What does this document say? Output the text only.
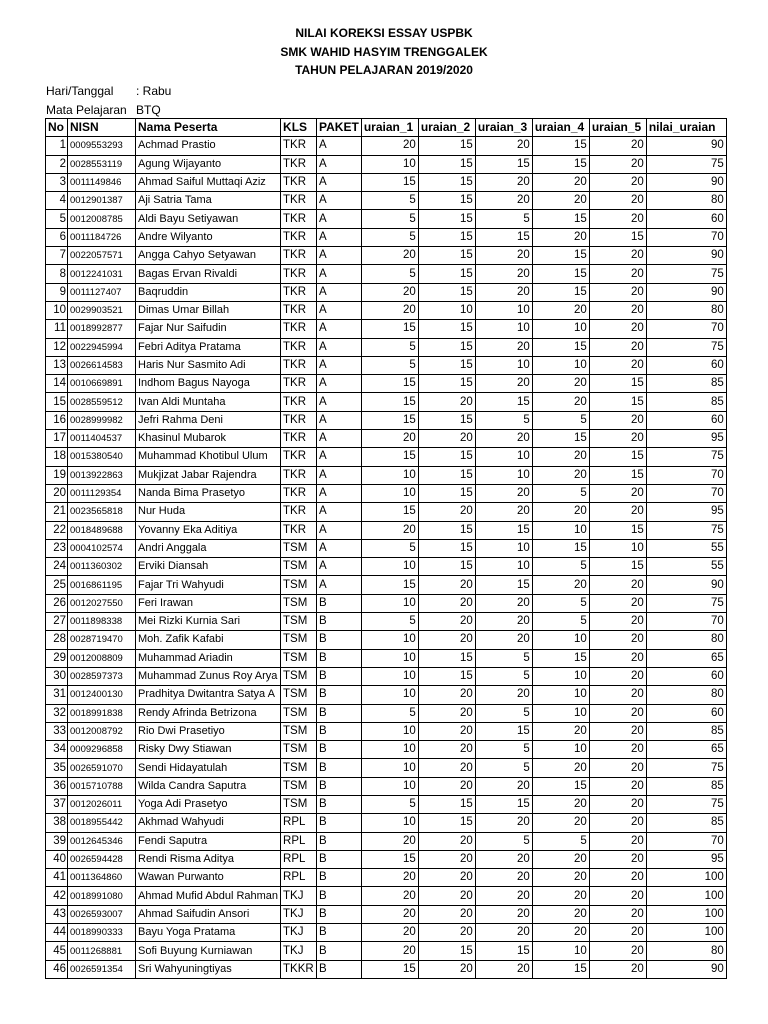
NILAI KOREKSI ESSAY USPBK
SMK WAHID HASYIM TRENGGALEK
TAHUN PELAJARAN 2019/2020
Hari/Tanggal	: Rabu
Mata Pelajaran BTQ
No	NISN	Nama Peserta	KLS	PAKET	uraian_1	uraian_2	uraian_3	uraian_4	uraian_5	nilai_uraian
1	0009553293	Achmad Prastio	TKR	A	20	15	20	15	20	90
2	0028553119	Agung Wijayanto	TKR	A	10	15	15	15	20	75
3	0011149846	Ahmad Saiful Muttaqi Aziz	TKR	A	15	15	20	20	20	90
4	0012901387	Aji Satria Tama	TKR	A	5	15	20	20	20	80
5	0012008785	Aldi Bayu Setiyawan	TKR	A	5	15	5	15	20	60
6	0011184726	Andre Wilyanto	TKR	A	5	15	15	20	15	70
7	0022057571	Angga Cahyo Setyawan	TKR	A	20	15	20	15	20	90
8	0012241031	Bagas Ervan Rivaldi	TKR	A	5	15	20	15	20	75
9	0011127407	Baqruddin	TKR	A	20	15	20	15	20	90
10	0029903521	Dimas Umar Billah	TKR	A	20	10	10	20	20	80
11	0018992877	Fajar Nur Saifudin	TKR	A	15	15	10	10	20	70
12	0022945994	Febri Aditya Pratama	TKR	A	5	15	20	15	20	75
13	0026614583	Haris Nur Sasmito Adi	TKR	A	5	15	10	10	20	60
14	0010669891	Indhom Bagus Nayoga	TKR	A	15	15	20	20	15	85
15	0028559512	Ivan Aldi Muntaha	TKR	A	15	20	15	20	15	85
16	0028999982	Jefri Rahma Deni	TKR	A	15	15	5	5	20	60
17	0011404537	Khasinul Mubarok	TKR	A	20	20	20	15	20	95
18	0015380540	Muhammad Khotibul Ulum	TKR	A	15	15	10	20	15	75
19	0013922863	Mukjizat Jabar Rajendra	TKR	A	10	15	10	20	15	70
20	0011129354	Nanda Bima Prasetyo	TKR	A	10	15	20	5	20	70
21	0023565818	Nur Huda	TKR	A	15	20	20	20	20	95
22	0018489688	Yovanny Eka Aditiya	TKR	A	20	15	15	10	15	75
23	0004102574	Andri Anggala	TSM	A	5	15	10	15	10	55
24	0011360302	Erviki Diansah	TSM	A	10	15	10	5	15	55
25	0016861195	Fajar Tri Wahyudi	TSM	A	15	20	15	20	20	90
26	0012027550	Feri Irawan	TSM	B	10	20	20	5	20	75
27	0011898338	Mei Rizki Kurnia Sari	TSM	B	5	20	20	5	20	70
28	0028719470	Moh. Zafik Kafabi	TSM	B	10	20	20	10	20	80
29	0012008809	Muhammad Ariadin	TSM	B	10	15	5	15	20	65
30	0028597373	Muhammad Zunus Roy Arya	TSM	B	10	15	5	10	20	60
31	0012400130	Pradhitya Dwitantra Satya A	TSM	B	10	20	20	10	20	80
32	0018991838	Rendy Afrinda Betrizona	TSM	B	5	20	5	10	20	60
33	0012008792	Rio Dwi Prasetiyo	TSM	B	10	20	15	20	20	85
34	0009296858	Risky Dwy Stiawan	TSM	B	10	20	5	10	20	65
35	0026591070	Sendi Hidayatulah	TSM	B	10	20	5	20	20	75
36	0015710788	Wilda Candra Saputra	TSM	B	10	20	20	15	20	85
37	0012026011	Yoga Adi Prasetyo	TSM	B	5	15	15	20	20	75
38	0018955442	Akhmad Wahyudi	RPL	B	10	15	20	20	20	85
39	0012645346	Fendi Saputra	RPL	B	20	20	5	5	20	70
40	0026594428	Rendi Risma Aditya	RPL	B	15	20	20	20	20	95
41	0011364860	Wawan Purwanto	RPL	B	20	20	20	20	20	100
42	0018991080	Ahmad Mufid Abdul Rahman	TKJ	B	20	20	20	20	20	100
43	0026593007	Ahmad Saifudin Ansori	TKJ	B	20	20	20	20	20	100
44	0018990333	Bayu Yoga Pratama	TKJ	B	20	20	20	20	20	100
45	0011268881	Sofi Buyung Kurniawan	TKJ	B	20	15	15	10	20	80
46	0026591354	Sri Wahyuningtiyas	TKKR	B	15	20	20	15	20	90
